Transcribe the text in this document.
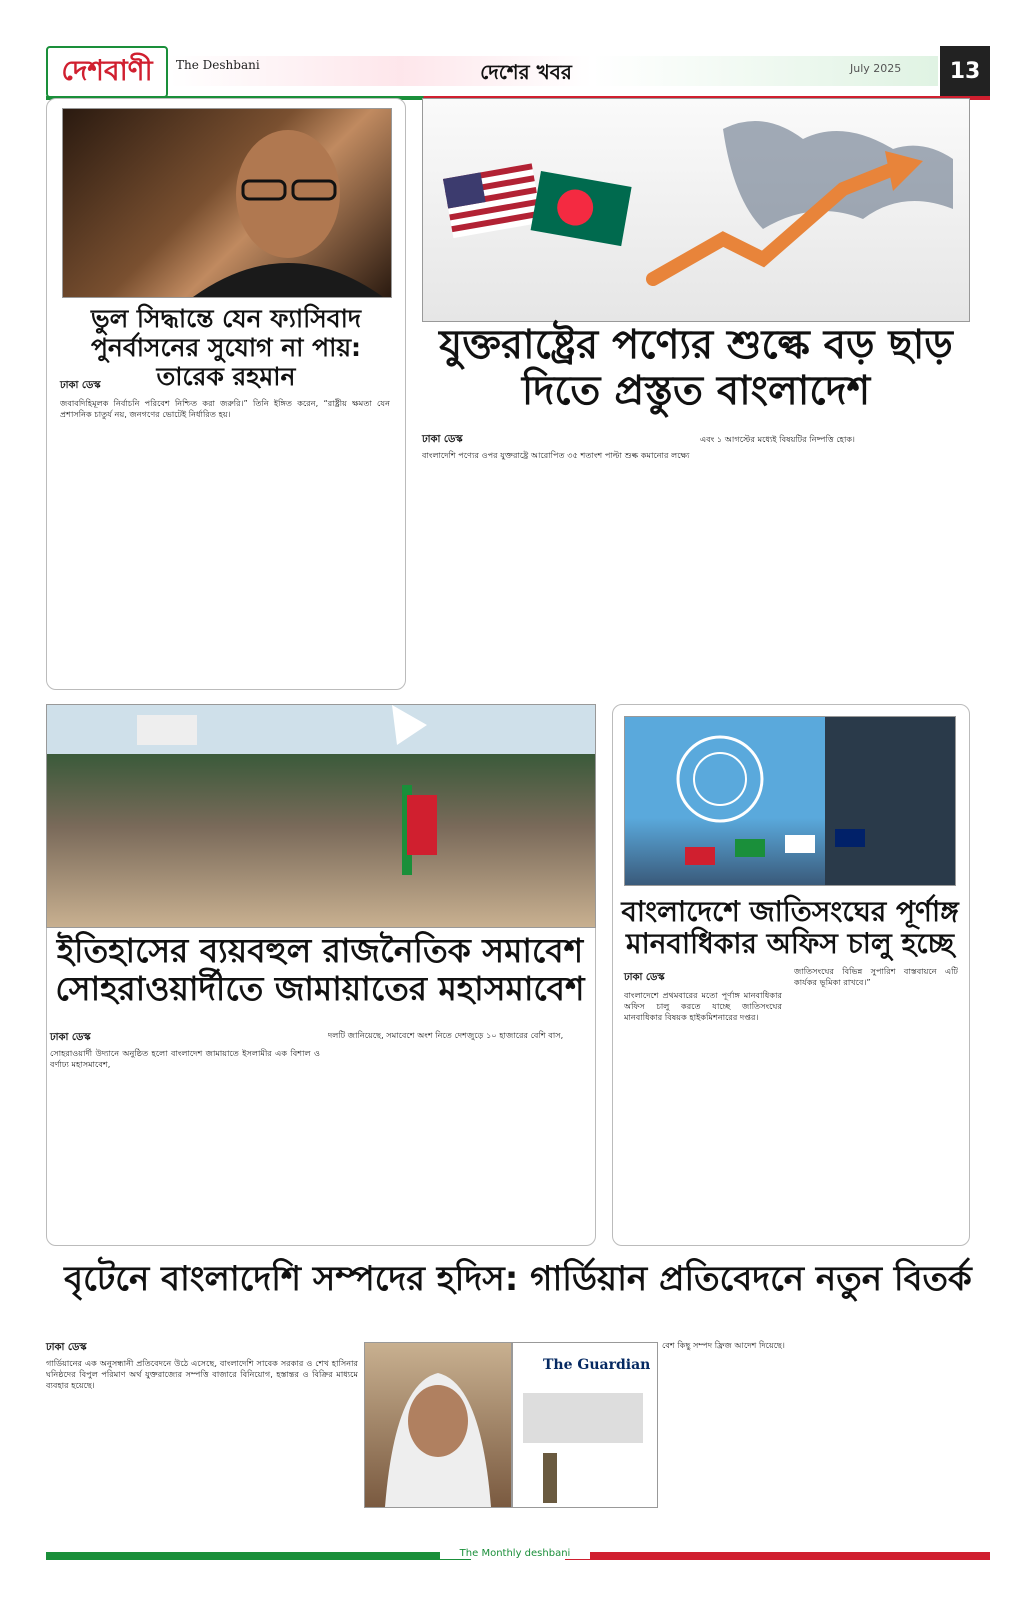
দেশবাণী The Deshbani	দেশের খবর	July 2025	13
ভুল সিদ্ধান্তে যেন ফ্যাসিবাদ পুনর্বাসনের সুযোগ না পায়: তারেক রহমান
ঢাকা ডেস্ক

জবাবদিহিমূলক নির্বাচনি পরিবেশ নিশ্চিত করা জরুরি।” তিনি ইঙ্গিত করেন, “রাষ্ট্রীয় ক্ষমতা যেন প্রশাসনিক চাতুর্য নয়, জনগণের ভোটেই নির্ধারিত হয়।

যুক্তরাষ্ট্রের পণ্যের শুল্কে বড় ছাড় দিতে প্রস্তুত বাংলাদেশ
ঢাকা ডেস্ক

বাংলাদেশি পণ্যের ওপর যুক্তরাষ্ট্রে আরোপিত ৩৫ শতাংশ পাল্টা শুল্ক কমানোর লক্ষ্যে

এবং ১ আগস্টের মধ্যেই বিষয়টির নিষ্পত্তি হোক।

ইতিহাসের ব্যয়বহুল রাজনৈতিক সমাবেশ সোহরাওয়ার্দীতে জামায়াতের মহাসমাবেশ
ঢাকা ডেস্ক

সোহরাওয়ার্দী উদ্যানে অনুষ্ঠিত হলো বাংলাদেশ জামায়াতে ইসলামীর এক বিশাল ও বর্ণাঢ্য মহাসমাবেশ,

দলটি জানিয়েছে, সমাবেশে অংশ নিতে দেশজুড়ে ১০ হাজারের বেশি বাস,

বাংলাদেশে জাতিসংঘের পূর্ণাঙ্গ মানবাধিকার অফিস চালু হচ্ছে
ঢাকা ডেস্ক

বাংলাদেশে প্রথমবারের মতো পূর্ণাঙ্গ মানবাধিকার অফিস চালু করতে যাচ্ছে জাতিসংঘের মানবাধিকার বিষয়ক হাইকমিশনারের দপ্তর।

জাতিসংঘের বিভিন্ন সুপারিশ বাস্তবায়নে এটি কার্যকর ভূমিকা রাখবে।”

বৃটেনে বাংলাদেশি সম্পদের হদিস: গার্ডিয়ান প্রতিবেদনে নতুন বিতর্ক
ঢাকা ডেস্ক

গার্ডিয়ানের এক অনুসন্ধানী প্রতিবেদনে উঠে এসেছে, বাংলাদেশি সাবেক সরকার ও শেখ হাসিনার ঘনিষ্ঠদের বিপুল পরিমাণ অর্থ যুক্তরাজ্যের সম্পত্তি বাজারে বিনিয়োগ, হস্তান্তর ও বিক্রির মাধ্যমে ব্যবহার হয়েছে।

The Guardian

বেশ কিছু সম্পদ ফ্রিজ আদেশ দিয়েছে।

The Monthly deshbani
